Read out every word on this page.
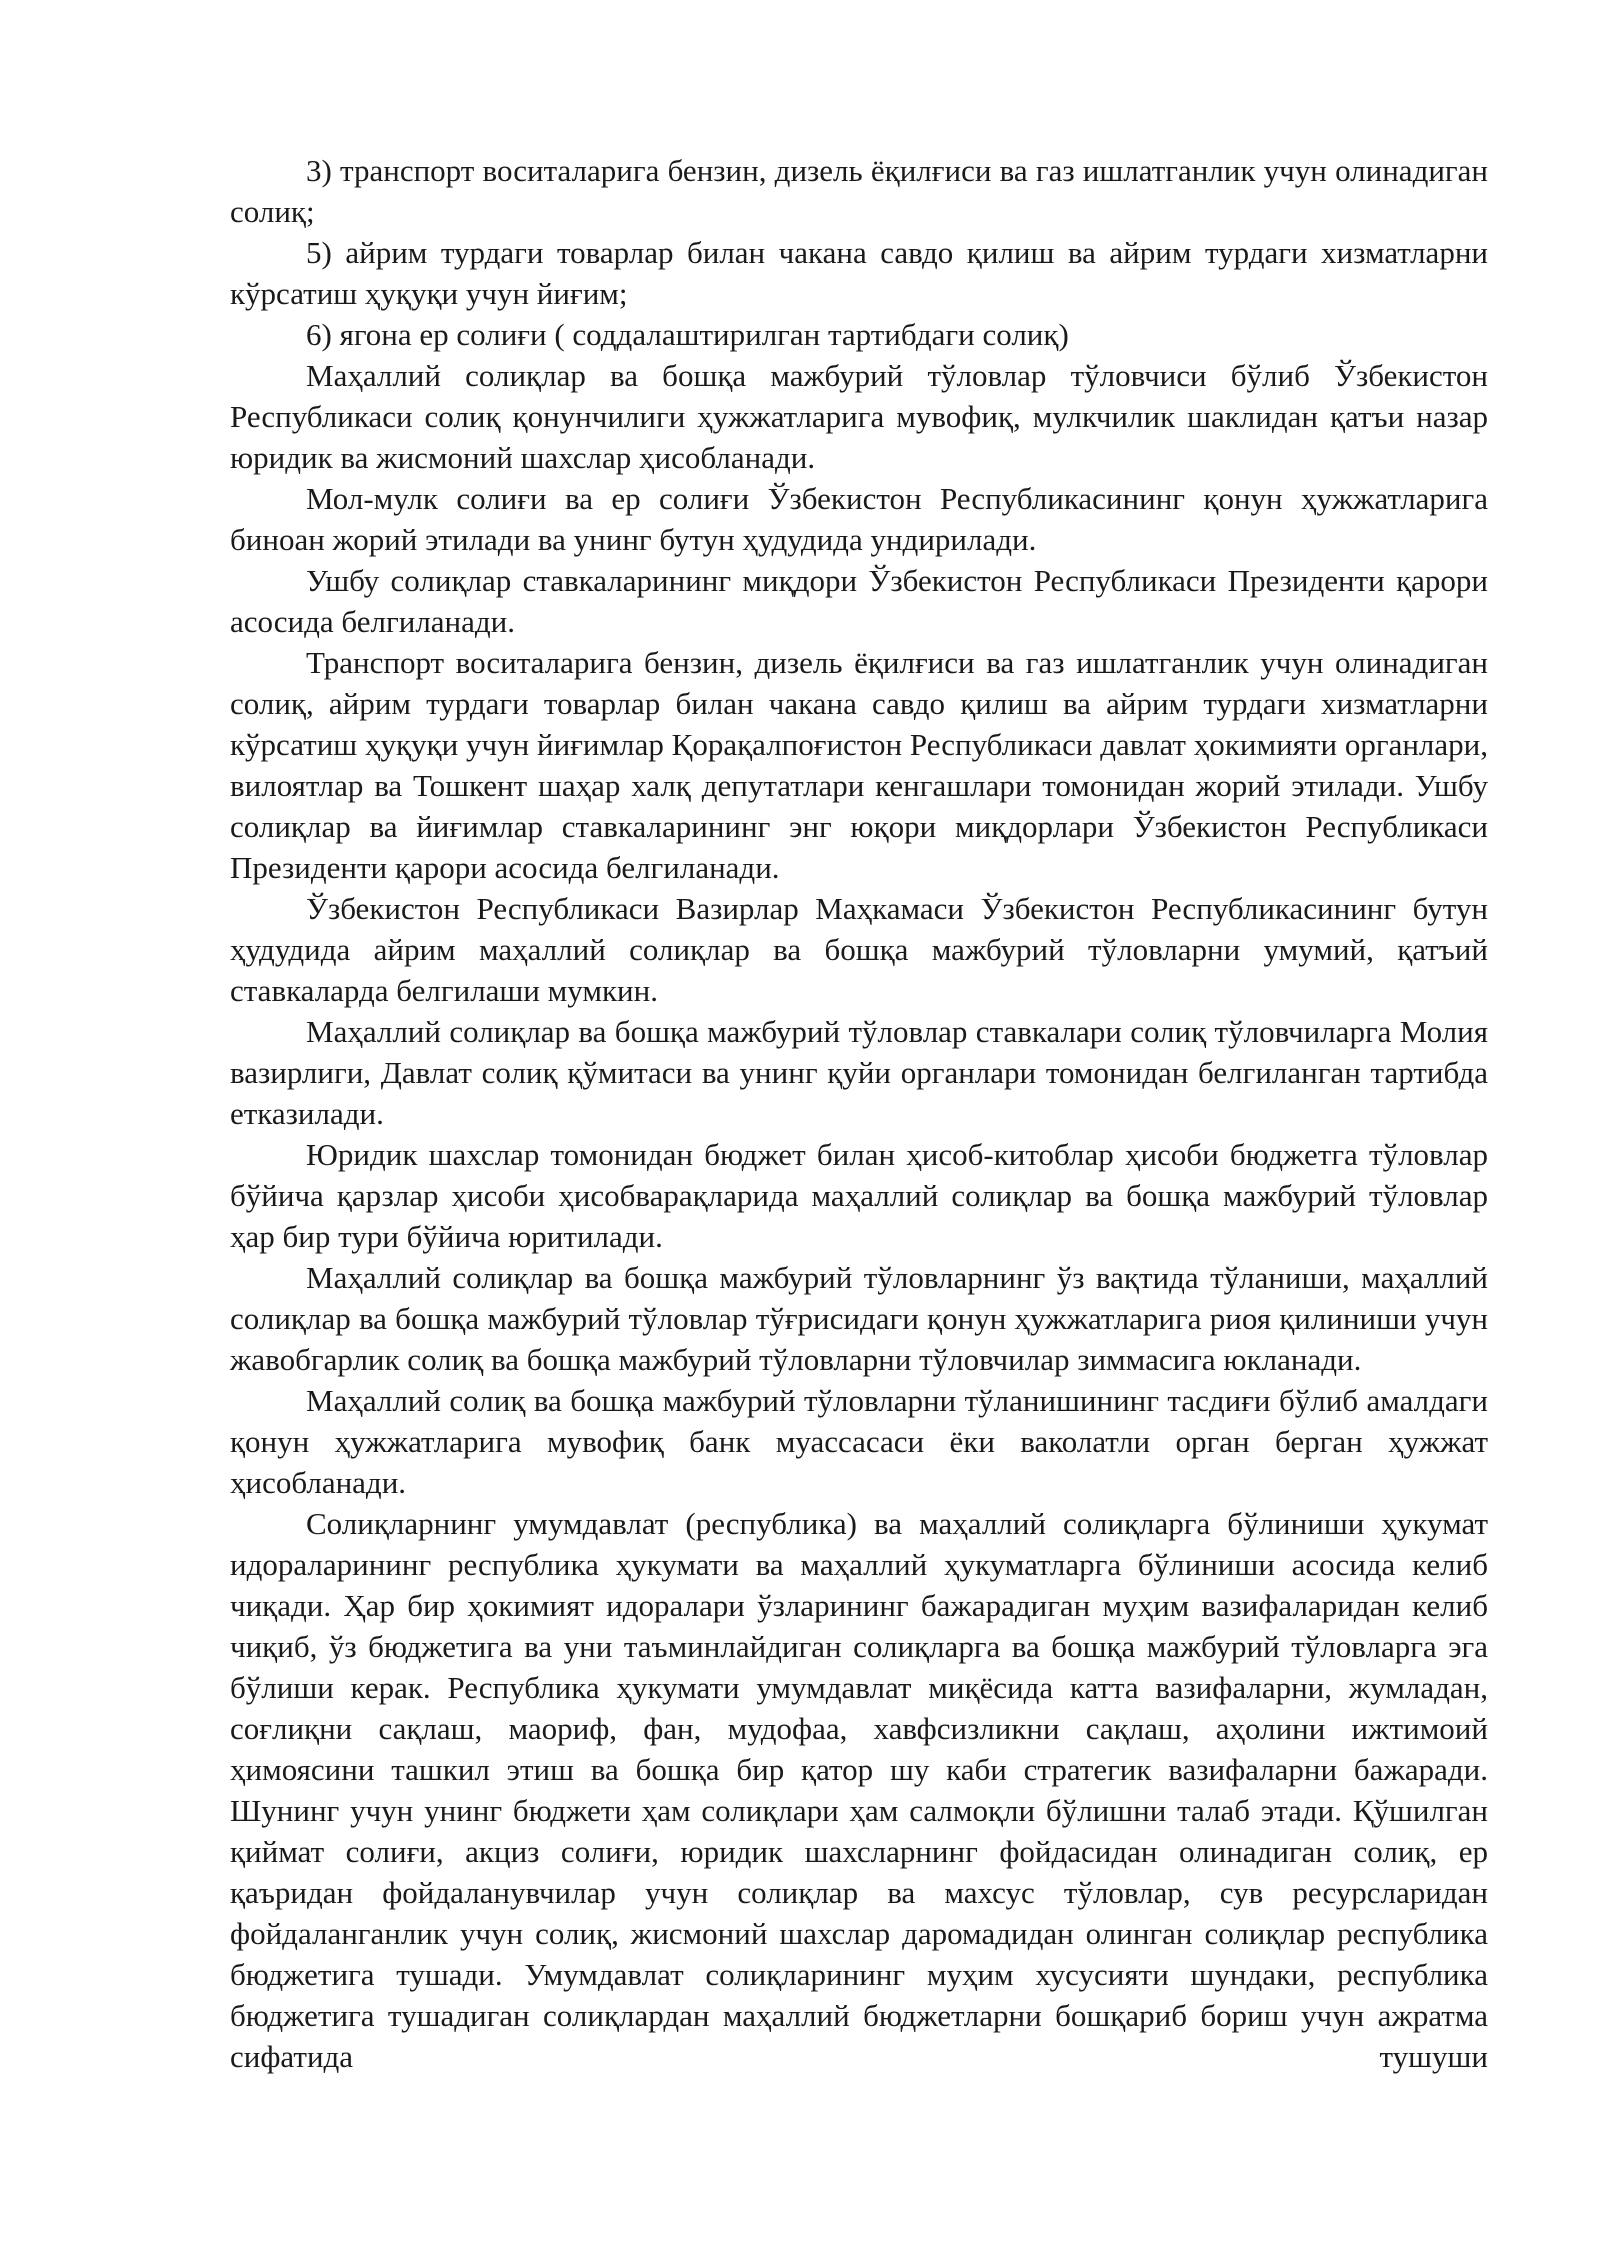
3) транспорт воситаларига бензин, дизель ёқилғиси ва газ ишлатганлик учун олинадиган солиқ;

5) айрим турдаги товарлар билан чакана савдо қилиш ва айрим турдаги хизматларни кўрсатиш ҳуқуқи учун йиғим;

6) ягона ер солиғи ( соддалаштирилган тартибдаги солиқ)

Маҳаллий солиқлар ва бошқа мажбурий тўловлар тўловчиси бўлиб Ўзбекистон Республикаси солиқ қонунчилиги ҳужжатларига мувофиқ, мулкчилик шаклидан қатъи назар юридик ва жисмоний шахслар ҳисобланади.

Мол-мулк солиғи ва ер солиғи Ўзбекистон Республикасининг қонун ҳужжатларига биноан жорий этилади ва унинг бутун ҳудудида ундирилади.

Ушбу солиқлар ставкаларининг миқдори Ўзбекистон Республикаси Президенти қарори асосида белгиланади.

Транспорт воситаларига бензин, дизель ёқилғиси ва газ ишлатганлик учун олинадиган солиқ, айрим турдаги товарлар билан чакана савдо қилиш ва айрим турдаги хизматларни кўрсатиш ҳуқуқи учун йиғимлар Қорақалпоғистон Республикаси давлат ҳокимияти органлари, вилоятлар ва Тошкент шаҳар халқ депутатлари кенгашлари томонидан жорий этилади. Ушбу солиқлар ва йиғимлар ставкаларининг энг юқори миқдорлари Ўзбекистон Республикаси Президенти қарори асосида белгиланади.

Ўзбекистон Республикаси Вазирлар Маҳкамаси Ўзбекистон Республикасининг бутун ҳудудида айрим маҳаллий солиқлар ва бошқа мажбурий тўловларни умумий, қатъий ставкаларда белгилаши мумкин.

Маҳаллий солиқлар ва бошқа мажбурий тўловлар ставкалари солиқ тўловчиларга Молия вазирлиги, Давлат солиқ қўмитаси ва унинг қуйи органлари томонидан белгиланган тартибда етказилади.

Юридик шахслар томонидан бюджет билан ҳисоб-китоблар ҳисоби бюджетга тўловлар бўйича қарзлар ҳисоби ҳисобварақларида маҳаллий солиқлар ва бошқа мажбурий тўловлар ҳар бир тури бўйича юритилади.

Маҳаллий солиқлар ва бошқа мажбурий тўловларнинг ўз вақтида тўланиши, маҳаллий солиқлар ва бошқа мажбурий тўловлар тўғрисидаги қонун ҳужжатларига риоя қилиниши учун жавобгарлик солиқ ва бошқа мажбурий тўловларни тўловчилар зиммасига юкланади.

Маҳаллий солиқ ва бошқа мажбурий тўловларни тўланишининг тасдиғи бўлиб амалдаги қонун ҳужжатларига мувофиқ банк муассасаси ёки ваколатли орган берган ҳужжат ҳисобланади.

Солиқларнинг умумдавлат (республика) ва маҳаллий солиқларга бўлиниши ҳукумат идораларининг республика ҳукумати ва маҳаллий ҳукуматларга бўлиниши асосида келиб чиқади. Ҳар бир ҳокимият идоралари ўзларининг бажарадиган муҳим вазифаларидан келиб чиқиб, ўз бюджетига ва уни таъминлайдиган солиқларга ва бошқа мажбурий тўловларга эга бўлиши керак. Республика ҳукумати умумдавлат миқёсида катта вазифаларни, жумладан, соғлиқни сақлаш, маориф, фан, мудофаа, хавфсизликни сақлаш, аҳолини ижтимоий ҳимоясини ташкил этиш ва бошқа бир қатор шу каби стратегик вазифаларни бажаради. Шунинг учун унинг бюджети ҳам солиқлари ҳам салмоқли бўлишни талаб этади. Қўшилган қиймат солиғи, акциз солиғи, юридик шахсларнинг фойдасидан олинадиган солиқ, ер қаъридан фойдаланувчилар учун солиқлар ва махсус тўловлар, сув ресурсларидан фойдаланганлик учун солиқ, жисмоний шахслар даромадидан олинган солиқлар республика бюджетига тушади. Умумдавлат солиқларининг муҳим хусусияти шундаки, республика бюджетига тушадиган солиқлардан маҳаллий бюджетларни бошқариб бориш учун ажратма сифатида тушуши
